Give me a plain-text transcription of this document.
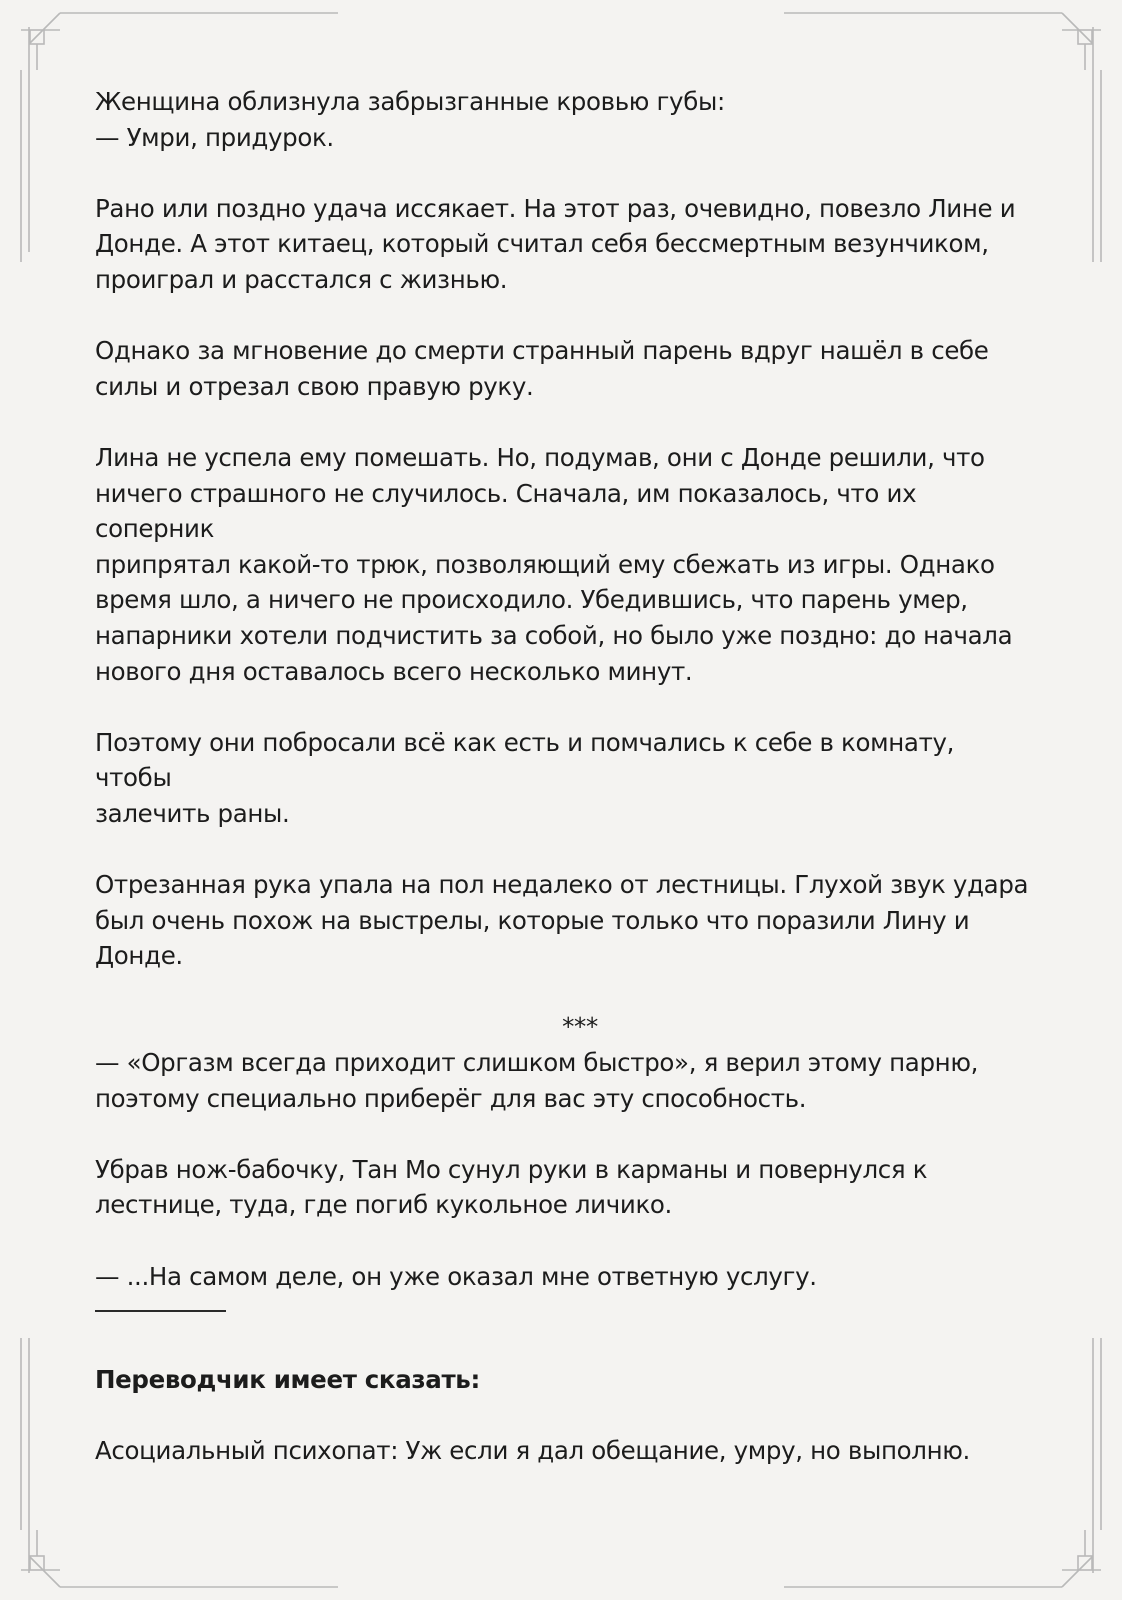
Женщина облизнула забрызганные кровью губы:
— Умри, придурок.

Рано или поздно удача иссякает. На этот раз, очевидно, повезло Лине и
Донде. А этот китаец, который считал себя бессмертным везунчиком,
проиграл и расстался с жизнью.

Однако за мгновение до смерти странный парень вдруг нашёл в себе
силы и отрезал свою правую руку.

Лина не успела ему помешать. Но, подумав, они с Донде решили, что
ничего страшного не случилось. Сначала, им показалось, что их соперник
припрятал какой-то трюк, позволяющий ему сбежать из игры. Однако
время шло, а ничего не происходило. Убедившись, что парень умер,
напарники хотели подчистить за собой, но было уже поздно: до начала
нового дня оставалось всего несколько минут.

Поэтому они побросали всё как есть и помчались к себе в комнату, чтобы
залечить раны.

Отрезанная рука упала на пол недалеко от лестницы. Глухой звук удара
был очень похож на выстрелы, которые только что поразили Лину и
Донде.

***

— «Оргазм всегда приходит слишком быстро», я верил этому парню,
поэтому специально приберёг для вас эту способность.

Убрав нож-бабочку, Тан Мо сунул руки в карманы и повернулся к
лестнице, туда, где погиб кукольное личико.

— ...На самом деле, он уже оказал мне ответную услугу.

Переводчик имеет сказать:

Асоциальный психопат: Уж если я дал обещание, умру, но выполню.
